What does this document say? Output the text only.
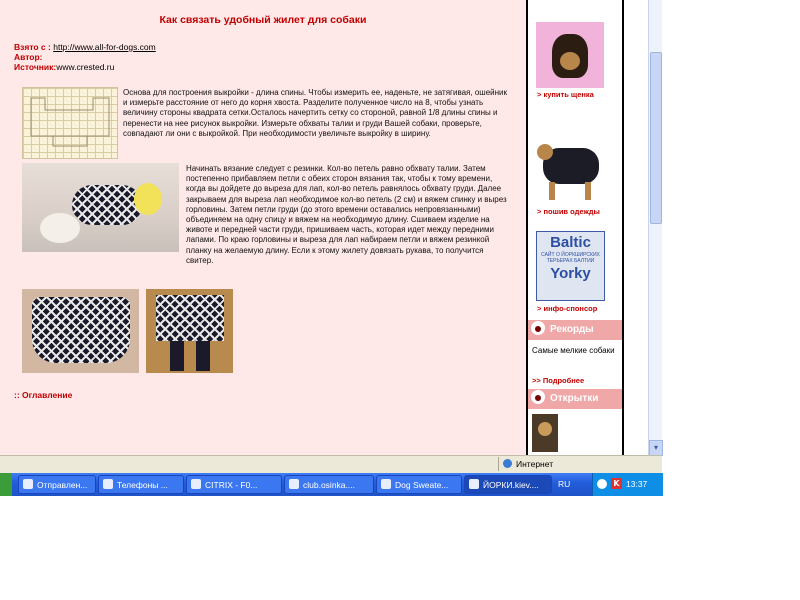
Как связать удобный жилет для собаки
Взято с : http://www.all-for-dogs.com
Автор:
Источник:www.crested.ru
Основа для построения выкройки - длина спины. Чтобы измерить ее, наденьте, не затягивая, ошейник и измерьте расстояние от него до корня хвоста. Разделите полученное число на 8, чтобы узнать величину стороны квадрата сетки.Осталось начертить сетку со стороной, равной 1/8 длины спины и перенести на нее рисунок выкройки. Измерьте обхваты талии и груди Вашей собаки, проверьте, совпадают ли они с выкройкой. При необходимости увеличьте выкройку в ширину.
Начинать вязание следует с резинки. Кол-во петель равно обхвату талии. Затем постепенно прибавляем петли с обеих сторон вязания так, чтобы к тому времени, когда вы дойдете до выреза для лап, кол-во петель равнялось обхвату груди. Далее закрываем для выреза лап необходимое кол-во петель (2 см) и вяжем спинку и вырез горловины. Затем петли груди (до этого времени оставались непровязанными) объединяем на одну спицу и вяжем на необходимую длину. Сшиваем изделие на животе и передней части груди, пришиваем часть, которая идет между передними лапами. По краю горловины и выреза для лап набираем петли и вяжем резинкой планку на желаемую длину. Если к этому жилету довязать рукава, то получится свитер.
:: Оглавление
> купить щенка
> пошив одежды
Baltic
САЙТ О ЙОРКШИРСКИХ ТЕРЬЕРАХ БАЛТИИ
Yorky
> инфо-спонсор
Рекорды
Самые мелкие собаки
>> Подробнее
Открытки
▾
Интернет
Отправлен...	Телефоны ...	CITRIX - F0...	club.osinka....	Dog Sweate...	ЙОРКИ.kiev....	RU	K 13:37
